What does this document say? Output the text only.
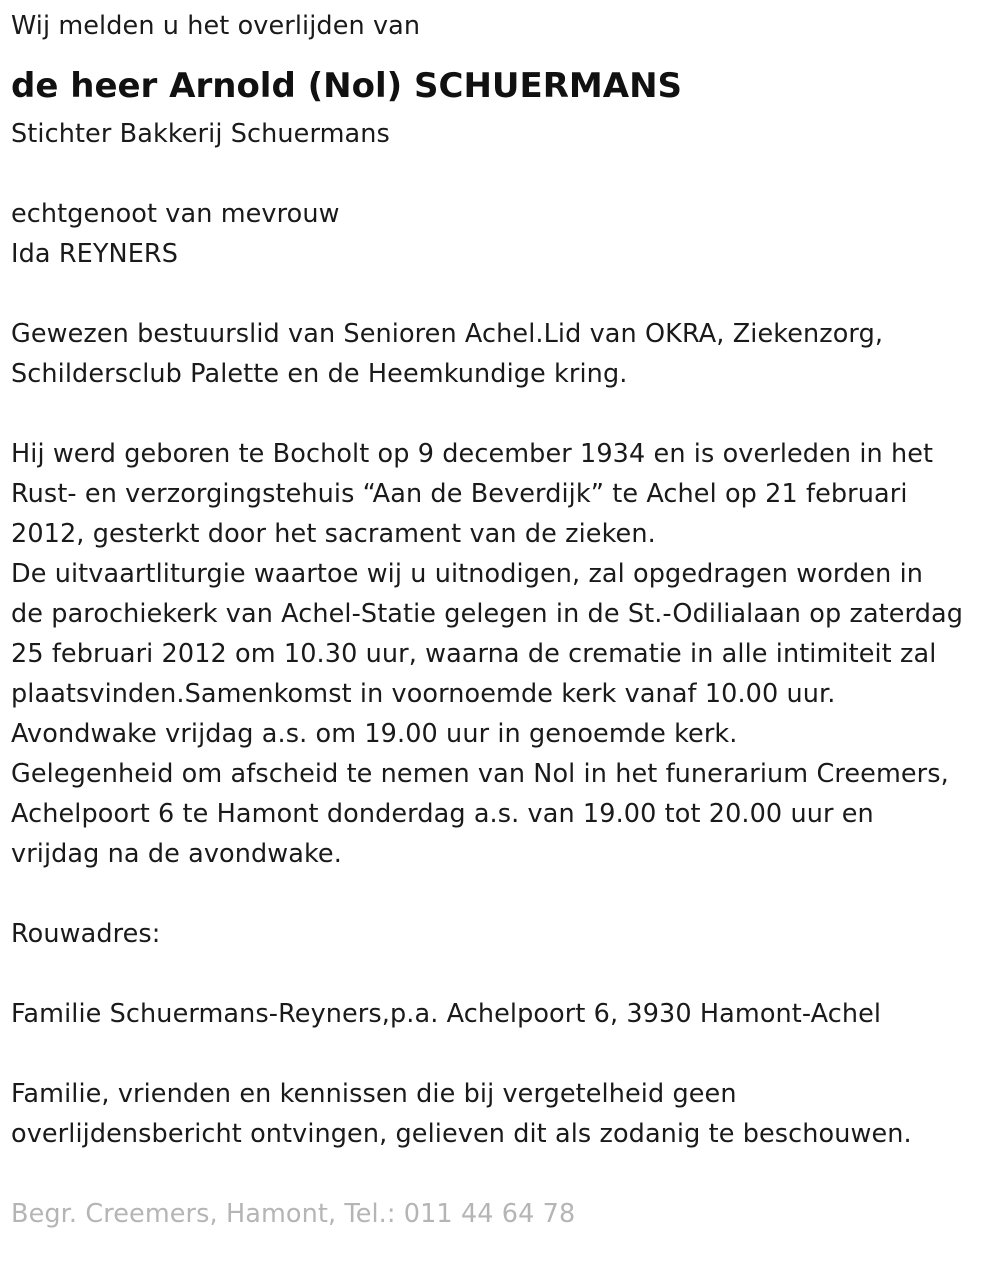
Wij melden u het overlijden van
de heer Arnold (Nol) SCHUERMANS
Stichter Bakkerij Schuermans
echtgenoot van mevrouw
Ida REYNERS
Gewezen bestuurslid van Senioren Achel.Lid van OKRA, Ziekenzorg,
Schildersclub Palette en de Heemkundige kring.
Hij werd geboren te Bocholt op 9 december 1934 en is overleden in het
Rust- en verzorgingstehuis “Aan de Beverdijk” te Achel op 21 februari
2012, gesterkt door het sacrament van de zieken.
De uitvaartliturgie waartoe wij u uitnodigen, zal opgedragen worden in
de parochiekerk van Achel-Statie gelegen in de St.-Odilialaan op zaterdag
25 februari 2012 om 10.30 uur, waarna de crematie in alle intimiteit zal
plaatsvinden.Samenkomst in voornoemde kerk vanaf 10.00 uur.
Avondwake vrijdag a.s. om 19.00 uur in genoemde kerk.
Gelegenheid om afscheid te nemen van Nol in het funerarium Creemers,
Achelpoort 6 te Hamont donderdag a.s. van 19.00 tot 20.00 uur en
vrijdag na de avondwake.
Rouwadres:
Familie Schuermans-Reyners,p.a. Achelpoort 6, 3930 Hamont-Achel
Familie, vrienden en kennissen die bij vergetelheid geen
overlijdensbericht ontvingen, gelieven dit als zodanig te beschouwen.
Begr. Creemers, Hamont, Tel.: 011 44 64 78
